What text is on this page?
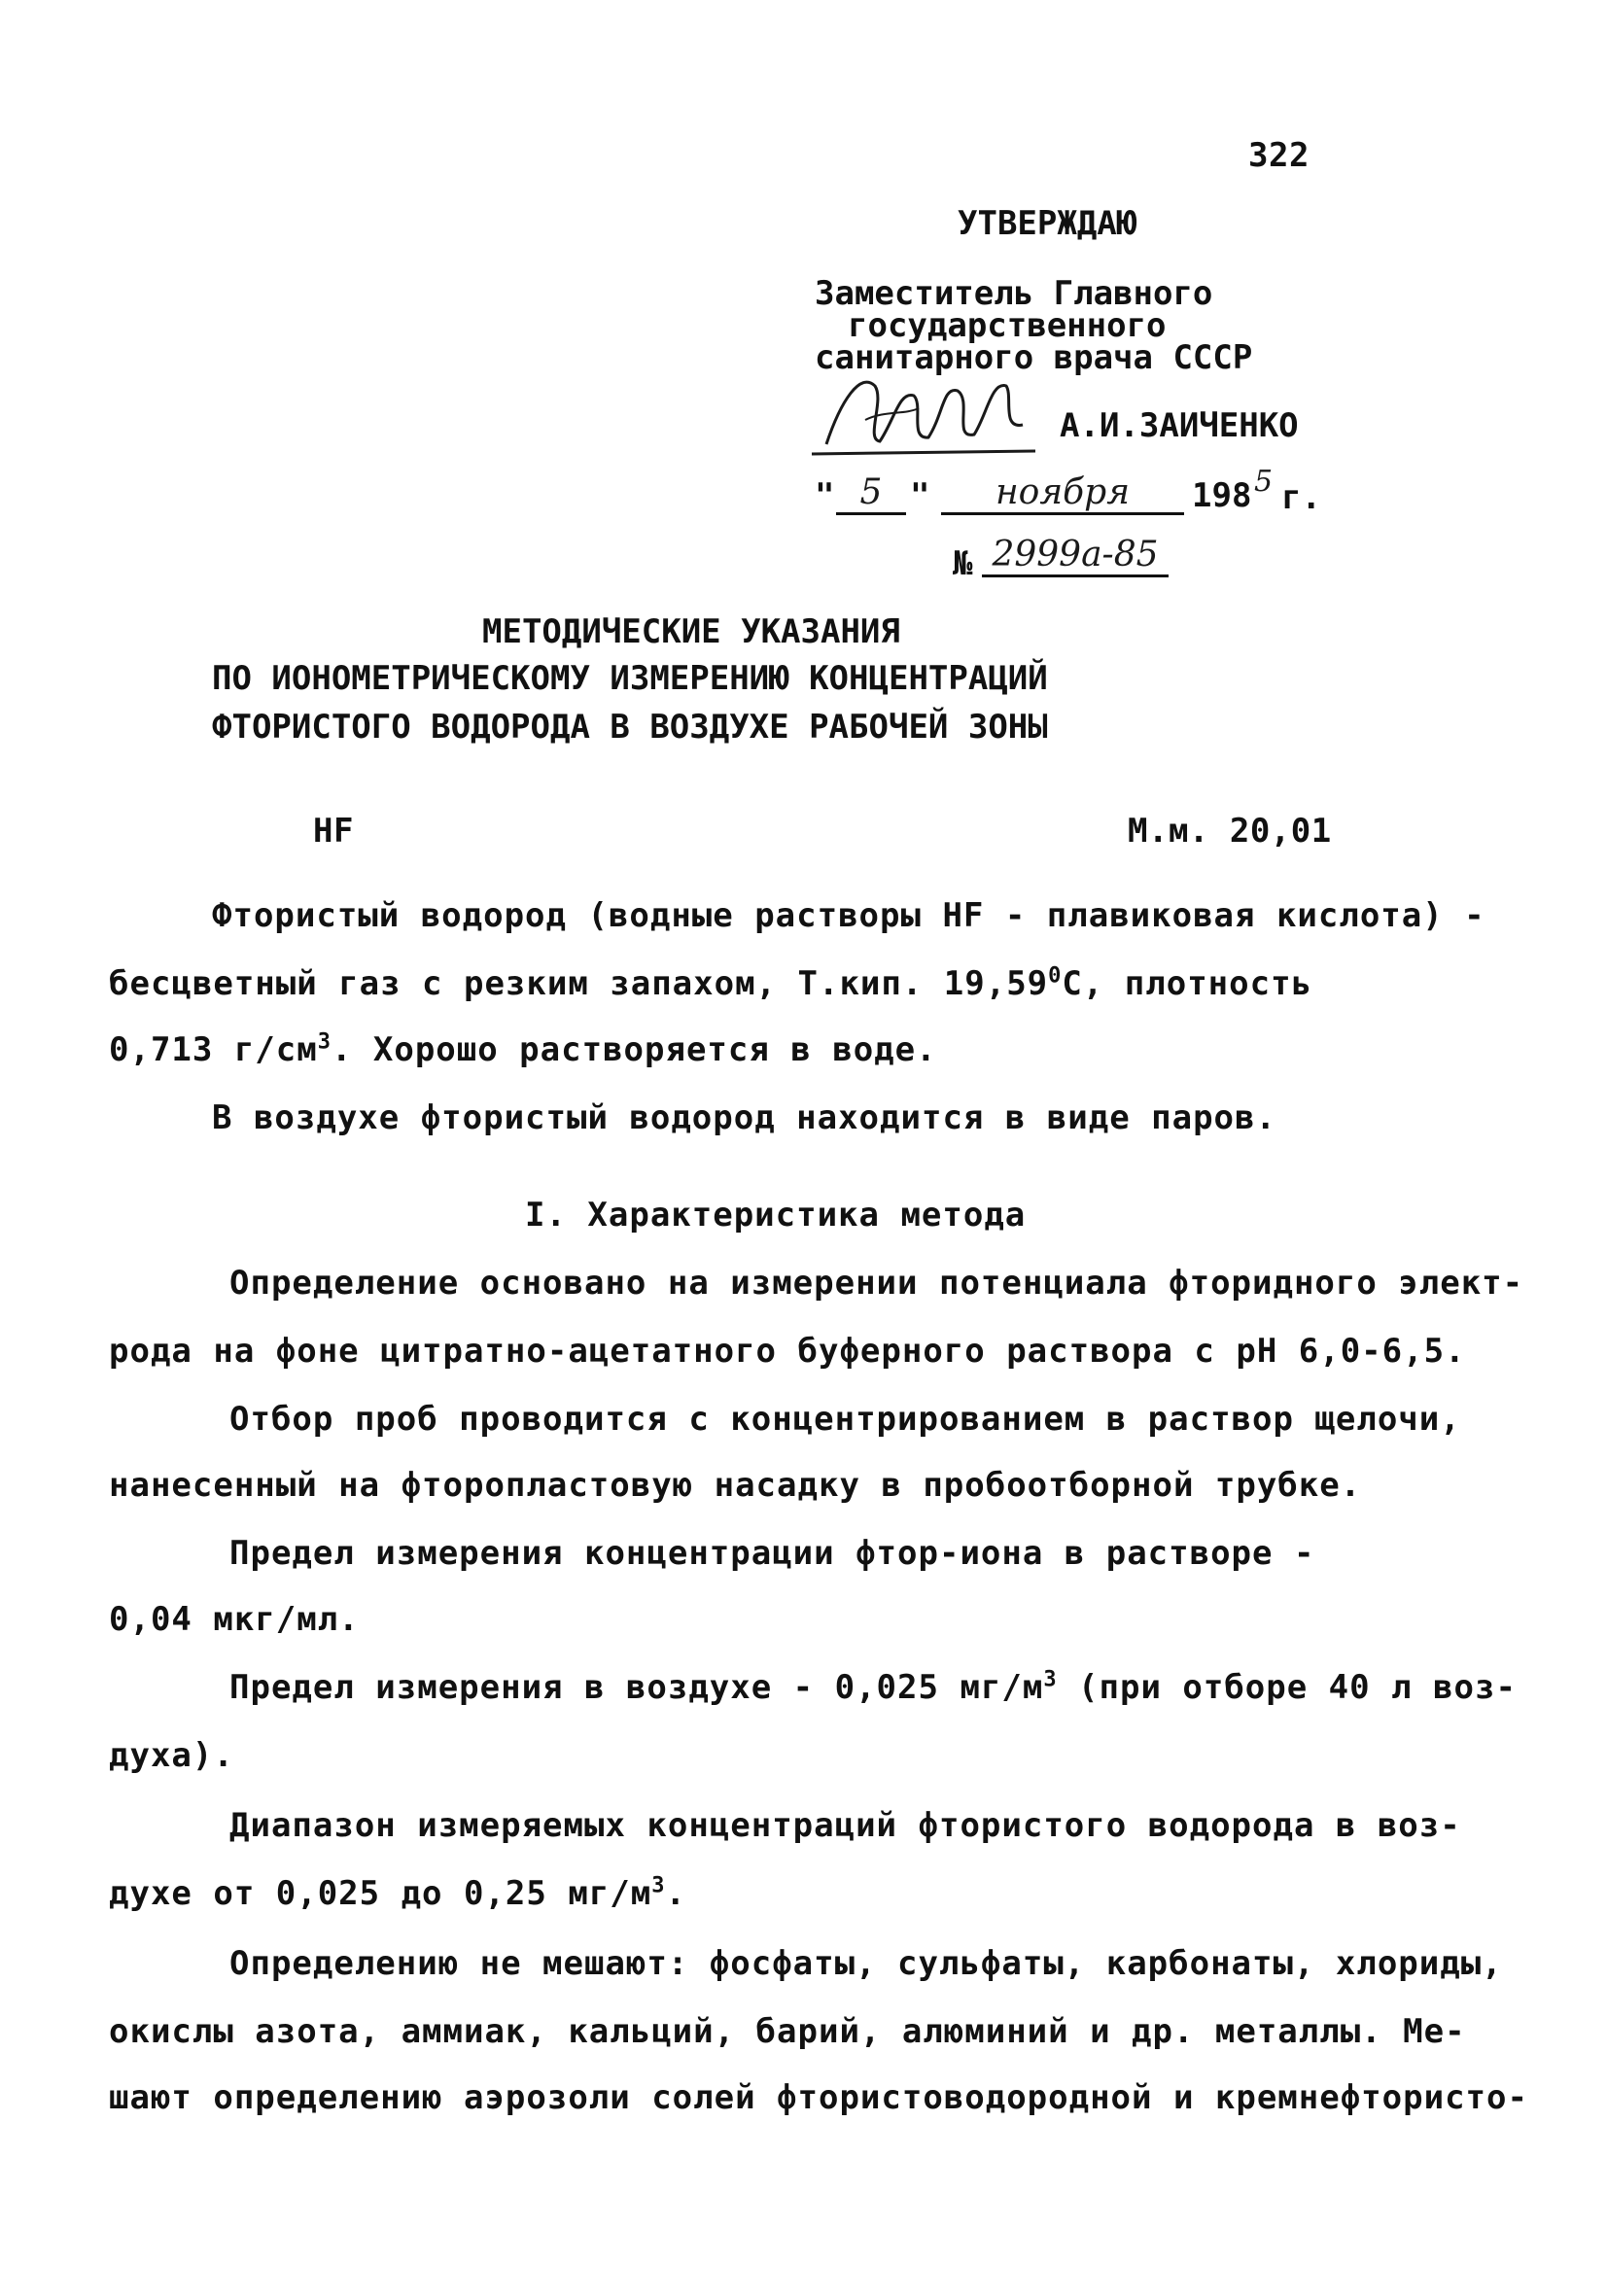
322
УТВЕРЖДАЮ
Заместитель Главного
государственного
санитарного врача СССР
А.И.ЗАИЧЕНКО
" 5 "	ноября	198 5 г.
№ 2999а-85
МЕТОДИЧЕСКИЕ УКАЗАНИЯ
ПО ИОНОМЕТРИЧЕСКОМУ ИЗМЕРЕНИЮ КОНЦЕНТРАЦИЙ
ФТОРИСТОГО ВОДОРОДА В ВОЗДУХЕ РАБОЧЕЙ ЗОНЫ
HF	М.м. 20,01
Фтористый водород (водные растворы HF - плавиковая кислота) -
бесцветный газ с резким запахом, Т.кип. 19,59$^0$С, плотность
0,713 $г/см^3$. Хорошо растворяется в воде.
В воздухе фтористый водород находится в виде паров.
I. Характеристика метода
Определение основано на измерении потенциала фторидного элект-
рода на фоне цитратно-ацетатного буферного раствора с рН 6,0-6,5.
Отбор проб проводится с концентрированием в раствор щелочи,
нанесенный на фторопластовую насадку в пробоотборной трубке.
Предел измерения концентрации фтор-иона в растворе -
0,04 мкг/мл.
Предел измерения в воздухе - 0,025 $мг/м^3$ (при отборе 40 л воз-
духа).
Диапазон измеряемых концентраций фтористого водорода в воз-
духе от 0,025 до 0,25 $мг/м^3$.
Определению не мешают: фосфаты, сульфаты, карбонаты, хлориды,
окислы азота, аммиак, кальций, барий, алюминий и др. металлы. Ме-
шают определению аэрозоли солей фтористоводородной и кремнефтористо-
